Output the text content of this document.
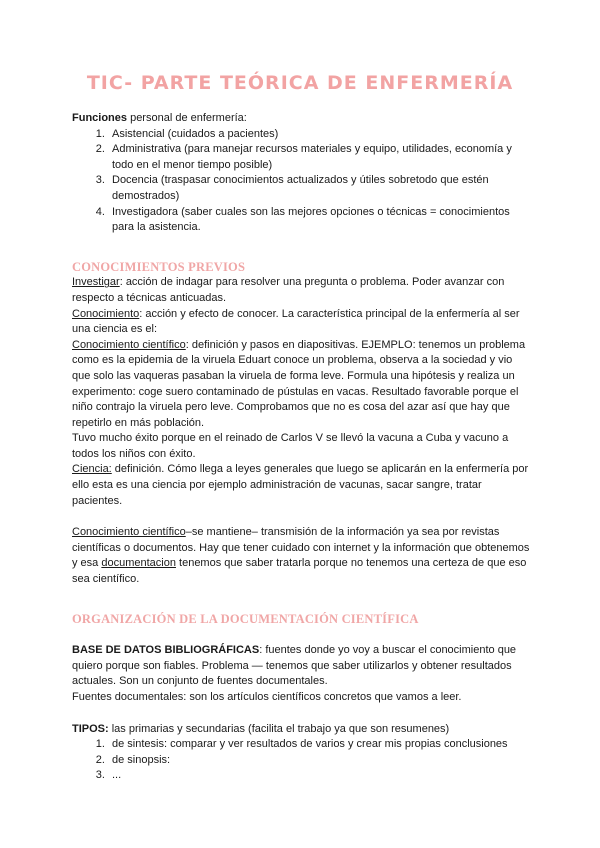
TIC- PARTE TEÓRICA DE ENFERMERÍA

Funciones personal de enfermería:

1. Asistencial (cuidados a pacientes)
2. Administrativa (para manejar recursos materiales y equipo, utilidades, economía y todo en el menor tiempo posible)
3. Docencia (traspasar conocimientos actualizados y útiles sobretodo que estén demostrados)
4. Investigadora (saber cuales son las mejores opciones o técnicas = conocimientos para la asistencia.
CONOCIMIENTOS PREVIOS

Investigar: acción de indagar para resolver una pregunta o problema. Poder avanzar con respecto a técnicas anticuadas.

Conocimiento: acción y efecto de conocer. La característica principal de la enfermería al ser una ciencia es el:

Conocimiento científico: definición y pasos en diapositivas. EJEMPLO: tenemos un problema como es la epidemia de la viruela Eduart conoce un problema, observa a la sociedad y vio que solo las vaqueras pasaban la viruela de forma leve. Formula una hipótesis y realiza un experimento: coge suero contaminado de pústulas en vacas. Resultado favorable porque el niño contrajo la viruela pero leve. Comprobamos que no es cosa del azar así que hay que repetirlo en más población.

Tuvo mucho éxito porque en el reinado de Carlos V se llevó la vacuna a Cuba y vacuno a todos los niños con éxito.

Ciencia: definición. Cómo llega a leyes generales que luego se aplicarán en la enfermería por ello esta es una ciencia por ejemplo administración de vacunas, sacar sangre, tratar pacientes.

Conocimiento científico–se mantiene– transmisión de la información ya sea por revistas científicas o documentos. Hay que tener cuidado con internet y la información que obtenemos y esa documentacion tenemos que saber tratarla porque no tenemos una certeza de que eso sea científico.

ORGANIZACIÓN DE LA DOCUMENTACIÓN CIENTÍFICA

BASE DE DATOS BIBLIOGRÁFICAS: fuentes donde yo voy a buscar el conocimiento que quiero porque son fiables. Problema — tenemos que saber utilizarlos y obtener resultados actuales. Son un conjunto de fuentes documentales.

Fuentes documentales: son los artículos científicos concretos que vamos a leer.

TIPOS: las primarias y secundarias (facilita el trabajo ya que son resumenes)

1. de sintesis: comparar y ver resultados de varios y crear mis propias conclusiones
2. de sinopsis:
3. ...
